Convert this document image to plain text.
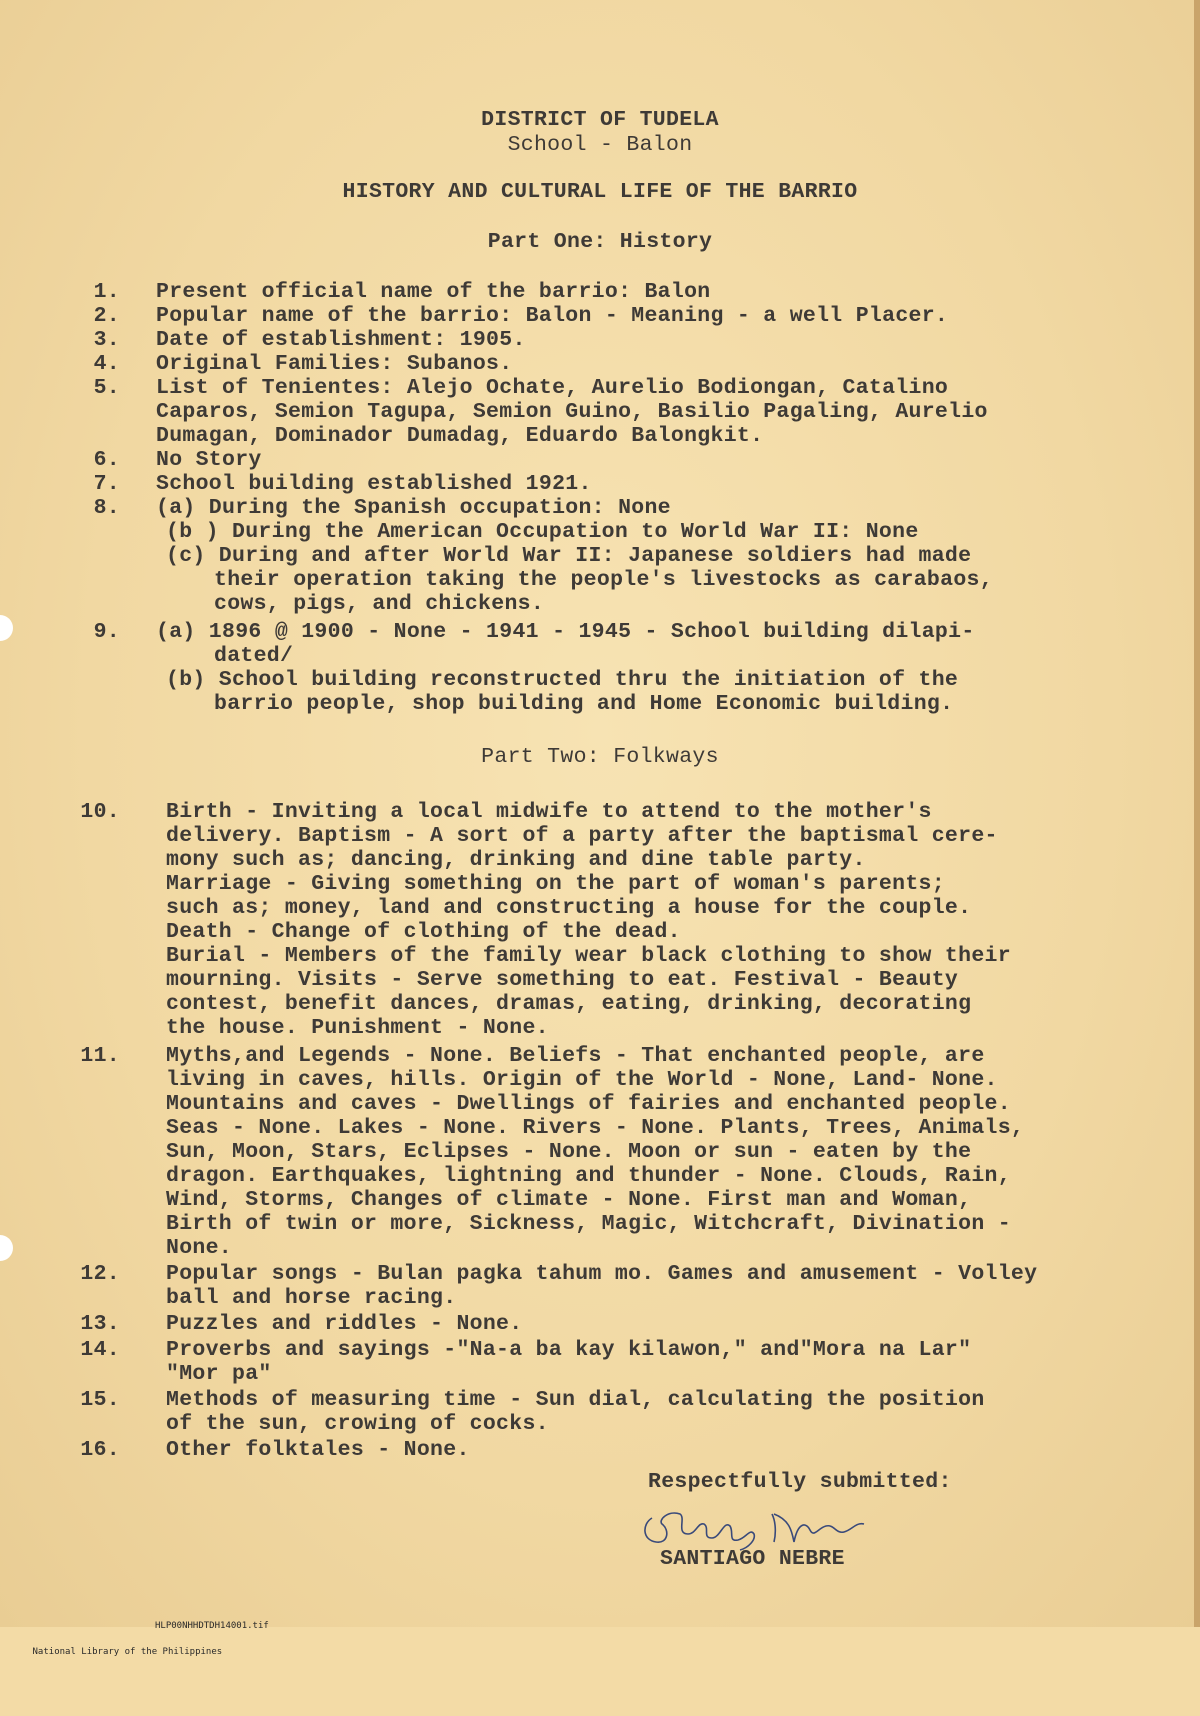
DISTRICT OF TUDELA
School - Balon
HISTORY AND CULTURAL LIFE OF THE BARRIO
Part One: History
1. Present official name of the barrio: Balon
2. Popular name of the barrio: Balon - Meaning - a well Placer.
3. Date of establishment: 1905.
4. Original Families: Subanos.
5. List of Tenientes: Alejo Ochate, Aurelio Bodiongan, Catalino
Caparos, Semion Tagupa, Semion Guino, Basilio Pagaling, Aurelio
Dumagan, Dominador Dumadag, Eduardo Balongkit.
6. No Story
7. School building established 1921.
8. (a) During the Spanish occupation: None
(b ) During the American Occupation to World War II: None
(c) During and after World War II: Japanese soldiers had made
their operation taking the people's livestocks as carabaos,
cows, pigs, and chickens.
9. (a) 1896 @ 1900 - None - 1941 - 1945 - School building dilapi-
dated/
(b) School building reconstructed thru the initiation of the
barrio people, shop building and Home Economic building.
Part Two: Folkways
10. Birth - Inviting a local midwife to attend to the mother's
delivery. Baptism - A sort of a party after the baptismal cere-
mony such as; dancing, drinking and dine table party.
Marriage - Giving something on the part of woman's parents;
such as; money, land and constructing a house for the couple.
Death - Change of clothing of the dead.
Burial - Members of the family wear black clothing to show their
mourning. Visits - Serve something to eat. Festival - Beauty
contest, benefit dances, dramas, eating, drinking, decorating
the house. Punishment - None.
11. Myths,and Legends - None. Beliefs - That enchanted people, are
living in caves, hills. Origin of the World - None, Land- None.
Mountains and caves - Dwellings of fairies and enchanted people.
Seas - None. Lakes - None. Rivers - None. Plants, Trees, Animals,
Sun, Moon, Stars, Eclipses - None. Moon or sun - eaten by the
dragon. Earthquakes, lightning and thunder - None. Clouds, Rain,
Wind, Storms, Changes of climate - None. First man and Woman,
Birth of twin or more, Sickness, Magic, Witchcraft, Divination -
None.
12. Popular songs - Bulan pagka tahum mo. Games and amusement - Volley
ball and horse racing.
13. Puzzles and riddles - None.
14. Proverbs and sayings -"Na-a ba kay kilawon," and"Mora na Lar"
"Mor pa"
15. Methods of measuring time - Sun dial, calculating the position
of the sun, crowing of cocks.
16. Other folktales - None.
Respectfully submitted:
SANTIAGO NEBRE

National Library of the Philippines

HLP00NHHDTDH14001.tif
